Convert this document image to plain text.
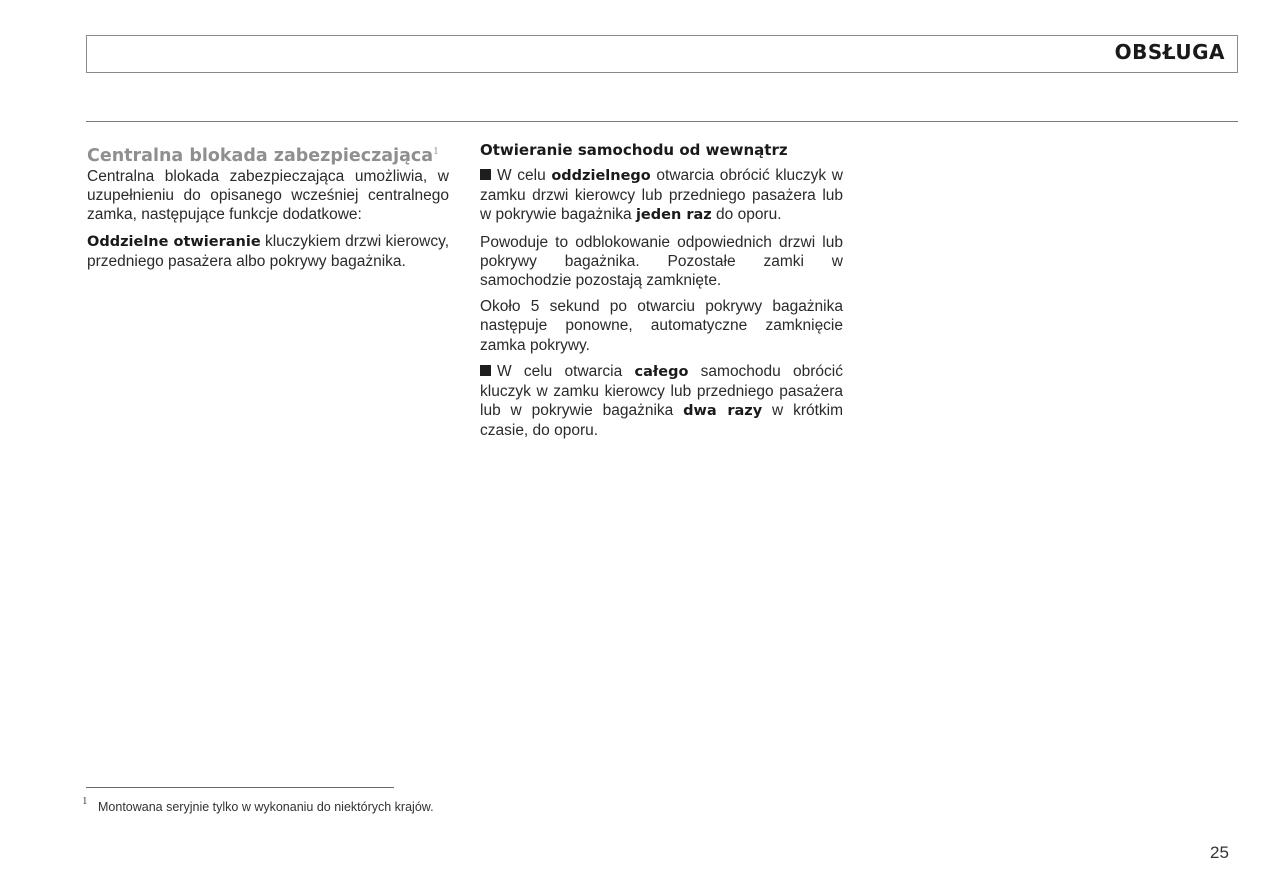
OBSŁUGA
Centralna blokada zabezpieczająca$^1$

Centralna blokada zabezpieczająca umożliwia, w uzupełnieniu do opisanego wcześniej centralnego zamka, następujące funkcje dodatkowe:

Oddzielne otwieranie kluczykiem drzwi kierowcy, przedniego pasażera albo pokrywy bagażnika.

Otwieranie samochodu od wewnątrz

W celu oddzielnego otwarcia obrócić kluczyk w zamku drzwi kierowcy lub przedniego pasażera lub w pokrywie bagażnika jeden raz do oporu.

Powoduje to odblokowanie odpowiednich drzwi lub pokrywy bagażnika. Pozostałe zamki w samochodzie pozostają zamknięte.

Około 5 sekund po otwarciu pokrywy bagażnika następuje ponowne, automatyczne zamknięcie zamka pokrywy.

W celu otwarcia całego samochodu obrócić kluczyk w zamku kierowcy lub przedniego pasażera lub w pokrywie bagażnika dwa razy w krótkim czasie, do oporu.

1 Montowana seryjnie tylko w wykonaniu do niektórych krajów.
25
